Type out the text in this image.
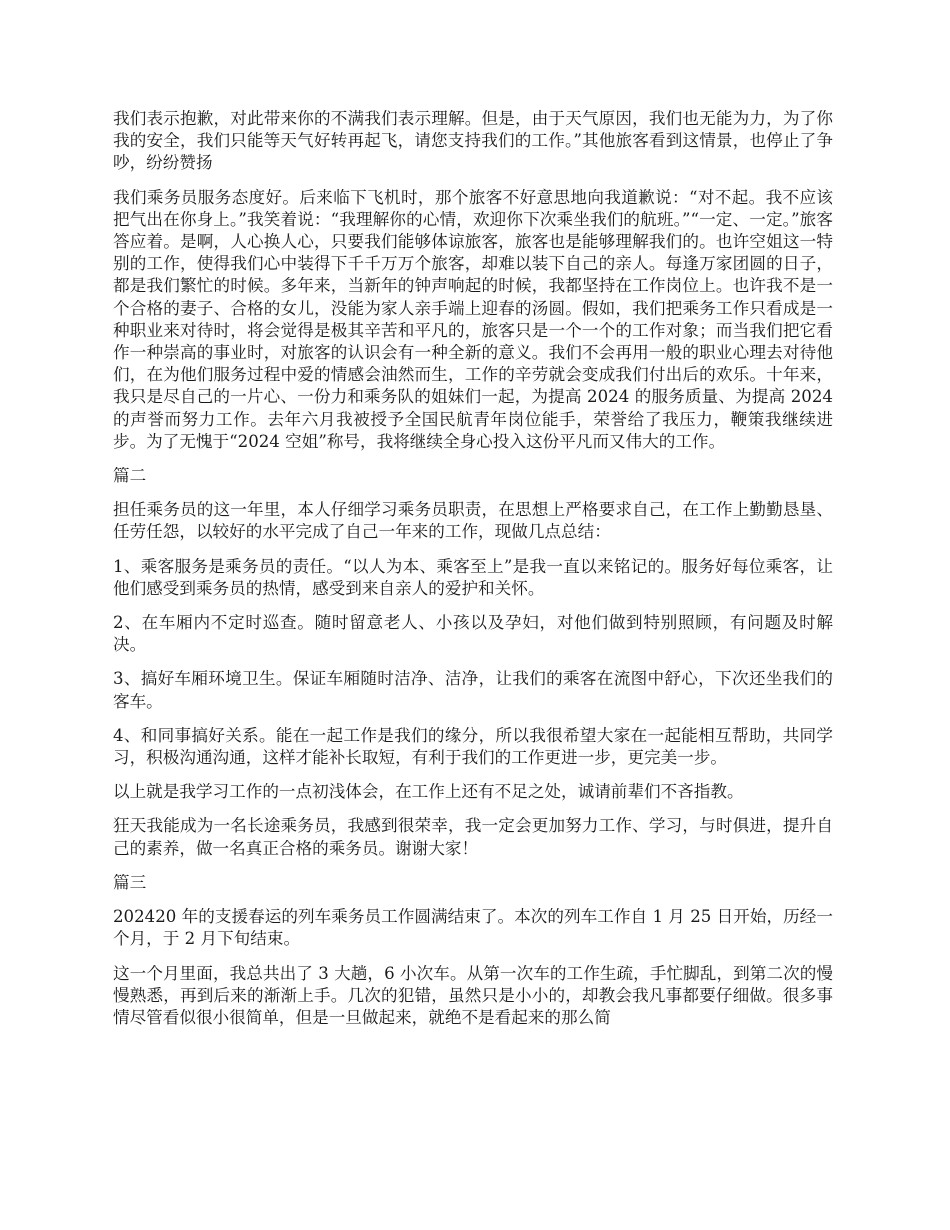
我们表示抱歉，对此带来你的不满我们表示理解。但是，由于天气原因，我们也无能为力，为了你我的安全，我们只能等天气好转再起飞，请您支持我们的工作。”其他旅客看到这情景，也停止了争吵，纷纷赞扬

我们乘务员服务态度好。后来临下飞机时，那个旅客不好意思地向我道歉说：“对不起。我不应该把气出在你身上。”我笑着说：“我理解你的心情，欢迎你下次乘坐我们的航班。”“一定、一定。”旅客答应着。是啊，人心换人心，只要我们能够体谅旅客，旅客也是能够理解我们的。也许空姐这一特别的工作，使得我们心中装得下千千万万个旅客，却难以装下自己的亲人。每逢万家团圆的日子，都是我们繁忙的时候。多年来，当新年的钟声响起的时候，我都坚持在工作岗位上。也许我不是一个合格的妻子、合格的女儿，没能为家人亲手端上迎春的汤圆。假如，我们把乘务工作只看成是一种职业来对待时，将会觉得是极其辛苦和平凡的，旅客只是一个一个的工作对象；而当我们把它看作一种崇高的事业时，对旅客的认识会有一种全新的意义。我们不会再用一般的职业心理去对待他们，在为他们服务过程中爱的情感会油然而生，工作的辛劳就会变成我们付出后的欢乐。十年来，我只是尽自己的一片心、一份力和乘务队的姐妹们一起，为提高 2024 的服务质量、为提高 2024 的声誉而努力工作。去年六月我被授予全国民航青年岗位能手，荣誉给了我压力，鞭策我继续进步。为了无愧于“2024 空姐”称号，我将继续全身心投入这份平凡而又伟大的工作。

篇二

担任乘务员的这一年里，本人仔细学习乘务员职责，在思想上严格要求自己，在工作上勤勤恳垦、任劳任怨，以较好的水平完成了自己一年来的工作，现做几点总结：

1、乘客服务是乘务员的责任。“以人为本、乘客至上”是我一直以来铭记的。服务好每位乘客，让他们感受到乘务员的热情，感受到来自亲人的爱护和关怀。

2、在车厢内不定时巡查。随时留意老人、小孩以及孕妇，对他们做到特别照顾，有问题及时解决。

3、搞好车厢环境卫生。保证车厢随时洁净、洁净，让我们的乘客在流图中舒心，下次还坐我们的客车。

4、和同事搞好关系。能在一起工作是我们的缘分，所以我很希望大家在一起能相互帮助，共同学习，积极沟通沟通，这样才能补长取短，有利于我们的工作更进一步，更完美一步。

以上就是我学习工作的一点初浅体会，在工作上还有不足之处，诚请前辈们不吝指教。

狂天我能成为一名长途乘务员，我感到很荣幸，我一定会更加努力工作、学习，与时俱进，提升自己的素养，做一名真正合格的乘务员。谢谢大家！

篇三

202420 年的支援春运的列车乘务员工作圆满结束了。本次的列车工作自 1 月 25 日开始，历经一个月，于 2 月下旬结束。

这一个月里面，我总共出了 3 大趟，6 小次车。从第一次车的工作生疏，手忙脚乱，到第二次的慢慢熟悉，再到后来的渐渐上手。几次的犯错，虽然只是小小的，却教会我凡事都要仔细做。很多事情尽管看似很小很简单，但是一旦做起来，就绝不是看起来的那么简
